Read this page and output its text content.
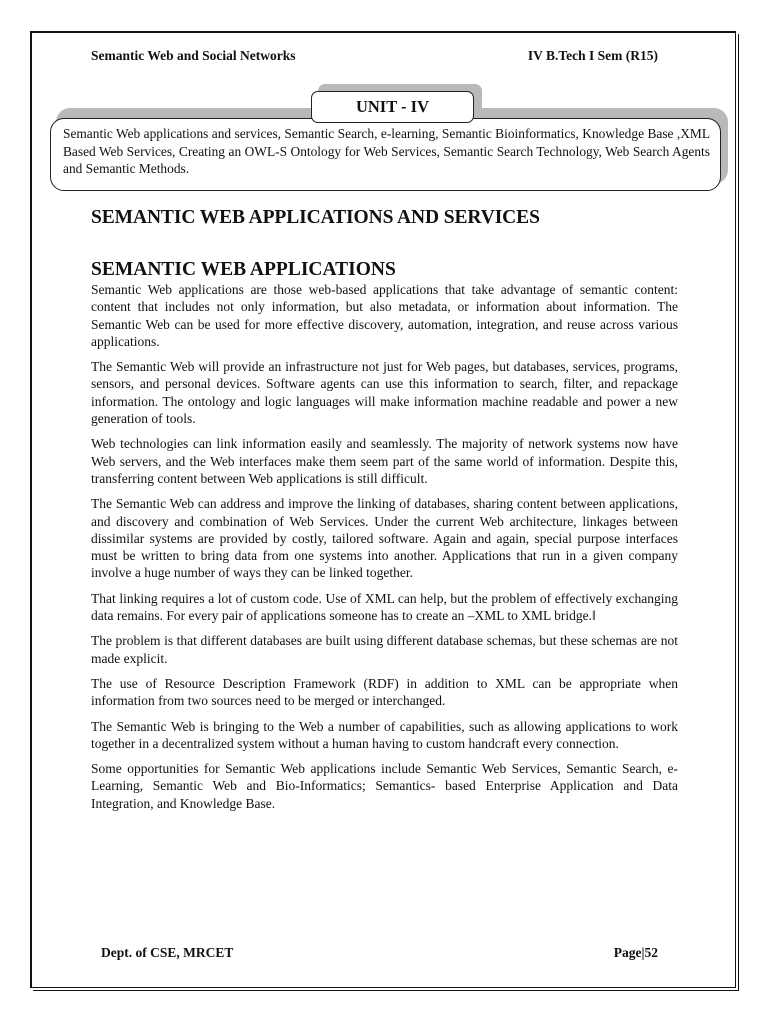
Semantic Web and Social Networks	IV B.Tech I Sem (R15)
UNIT - IV
Semantic Web applications and services, Semantic Search, e-learning, Semantic Bioinformatics, Knowledge Base ,XML Based Web Services, Creating an OWL-S Ontology for Web Services, Semantic Search Technology, Web Search Agents and Semantic Methods.
SEMANTIC WEB APPLICATIONS AND SERVICES
SEMANTIC WEB APPLICATIONS

Semantic Web applications are those web-based applications that take advantage of semantic content: content that includes not only information, but also metadata, or information about information. The Semantic Web can be used for more effective discovery, automation, integration, and reuse across various applications.

The Semantic Web will provide an infrastructure not just for Web pages, but databases, services, programs, sensors, and personal devices. Software agents can use this information to search, filter, and repackage information. The ontology and logic languages will make information machine readable and power a new generation of tools.

Web technologies can link information easily and seamlessly. The majority of network systems now have Web servers, and the Web interfaces make them seem part of the same world of information. Despite this, transferring content between Web applications is still difficult.

The Semantic Web can address and improve the linking of databases, sharing content between applications, and discovery and combination of Web Services. Under the current Web architecture, linkages between dissimilar systems are provided by costly, tailored software. Again and again, special purpose interfaces must be written to bring data from one systems into another. Applications that run in a given company involve a huge number of ways they can be linked together.

That linking requires a lot of custom code. Use of XML can help, but the problem of effectively exchanging data remains. For every pair of applications someone has to create an –XML to XML bridge.‖

The problem is that different databases are built using different database schemas, but these schemas are not made explicit.

The use of Resource Description Framework (RDF) in addition to XML can be appropriate when information from two sources need to be merged or interchanged.

The Semantic Web is bringing to the Web a number of capabilities, such as allowing applications to work together in a decentralized system without a human having to custom handcraft every connection.

Some opportunities for Semantic Web applications include Semantic Web Services, Semantic Search, e-Learning, Semantic Web and Bio-Informatics; Semantics- based Enterprise Application and Data Integration, and Knowledge Base.

Dept. of CSE, MRCET	Page|52
